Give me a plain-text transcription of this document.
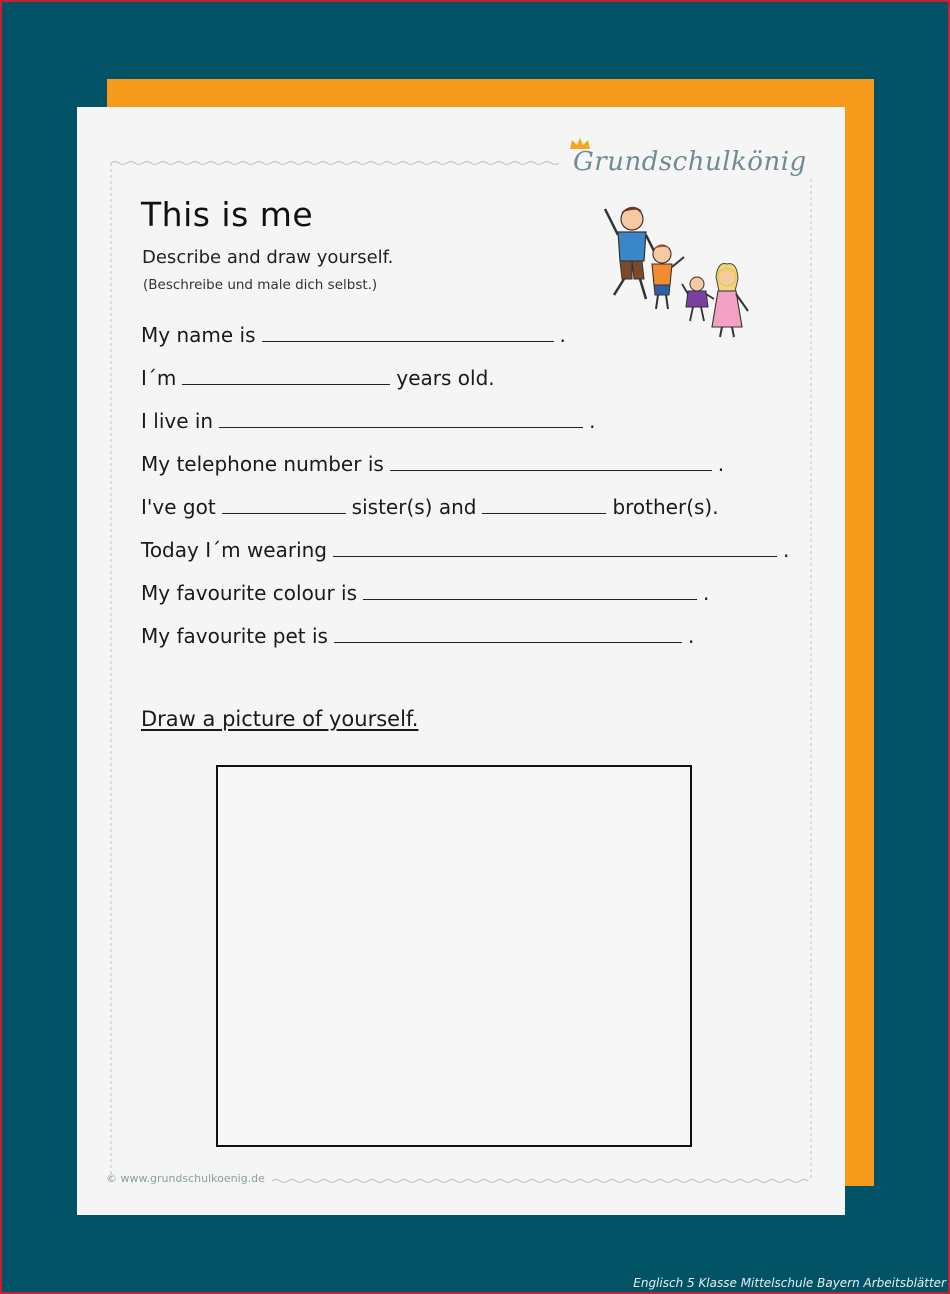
Grundschulkönig
This is me
Describe and draw yourself.
(Beschreibe und male dich selbst.)
My name is	.
I´m	years old.
I live in	.
My telephone number is	.
I've got	sister(s) and	brother(s).
Today I´m wearing	.
My favourite colour is	.
My favourite pet is	.
Draw a picture of yourself.
© www.grundschulkoenig.de
Englisch 5 Klasse Mittelschule Bayern Arbeitsblätter
